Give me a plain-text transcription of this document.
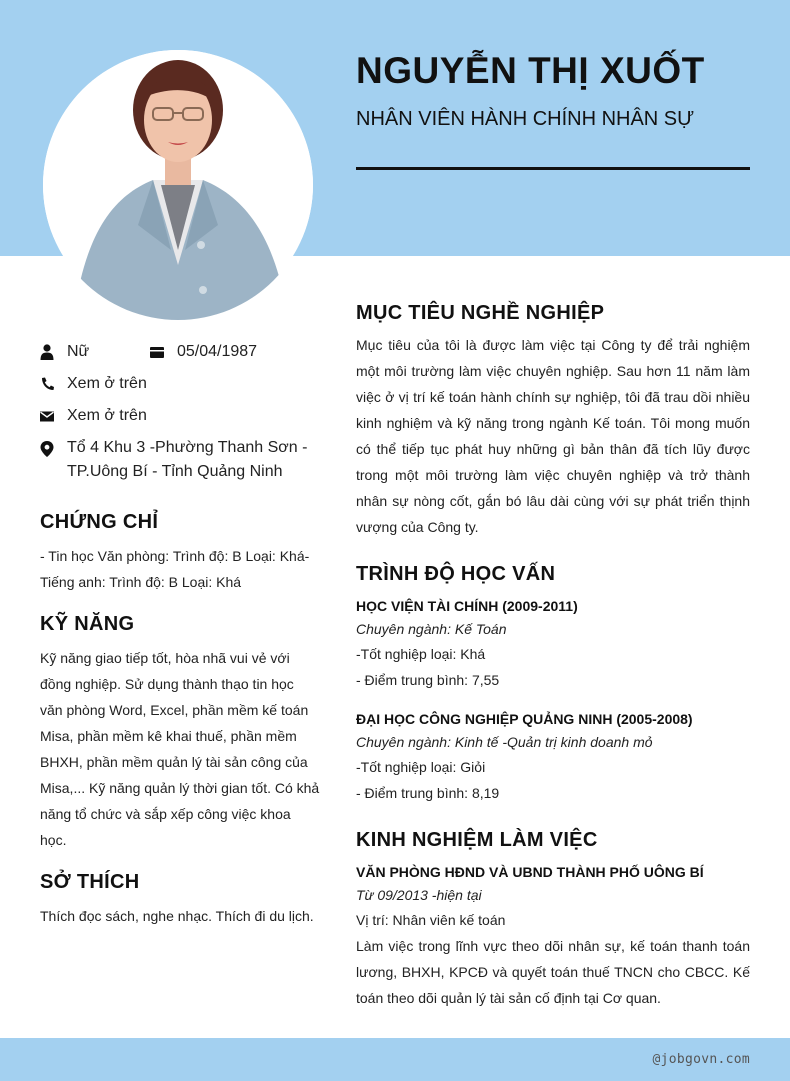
NGUYỄN THỊ XUỐT
NHÂN VIÊN HÀNH CHÍNH NHÂN SỰ
Nữ	05/04/1987
Xem ở trên
Xem ở trên
Tổ 4 Khu 3 -Phường Thanh Sơn - TP.Uông Bí - Tỉnh Quảng Ninh
CHỨNG CHỈ
- Tin học Văn phòng: Trình độ: B Loại: Khá- Tiếng anh: Trình độ: B Loại: Khá
KỸ NĂNG
Kỹ năng giao tiếp tốt, hòa nhã vui vẻ với đồng nghiệp. Sử dụng thành thạo tin học văn phòng Word, Excel, phần mềm kế toán Misa, phần mềm kê khai thuế, phần mềm BHXH, phần mềm quản lý tài sản công của Misa,... Kỹ năng quản lý thời gian tốt. Có khả năng tổ chức và sắp xếp công việc khoa học.
SỞ THÍCH
Thích đọc sách, nghe nhạc. Thích đi du lịch.
MỤC TIÊU NGHỀ NGHIỆP
Mục tiêu của tôi là được làm việc tại Công ty để trải nghiệm một môi trường làm việc chuyên nghiệp. Sau hơn 11 năm làm việc ở vị trí kế toán hành chính sự nghiệp, tôi đã trau dồi nhiều kinh nghiệm và kỹ năng trong ngành Kế toán. Tôi mong muốn có thể tiếp tục phát huy những gì bản thân đã tích lũy được trong một môi trường làm việc chuyên nghiệp và trở thành nhân sự nòng cốt, gắn bó lâu dài cùng với sự phát triển thịnh vượng của Công ty.
TRÌNH ĐỘ HỌC VẤN
HỌC VIỆN TÀI CHÍNH (2009-2011)
Chuyên ngành: Kế Toán
-Tốt nghiệp loại: Khá
- Điểm trung bình: 7,55
ĐẠI HỌC CÔNG NGHIỆP QUẢNG NINH (2005-2008)
Chuyên ngành: Kinh tế -Quản trị kinh doanh mỏ
-Tốt nghiệp loại: Giỏi
- Điểm trung bình: 8,19
KINH NGHIỆM LÀM VIỆC
VĂN PHÒNG HĐND VÀ UBND THÀNH PHỐ UÔNG BÍ
Từ 09/2013 -hiện tại
Vị trí: Nhân viên kế toán
Làm việc trong lĩnh vực theo dõi nhân sự, kế toán thanh toán lương, BHXH, KPCĐ và quyết toán thuế TNCN cho CBCC. Kế toán theo dõi quản lý tài sản cố định tại Cơ quan.
@jobgovn.com
